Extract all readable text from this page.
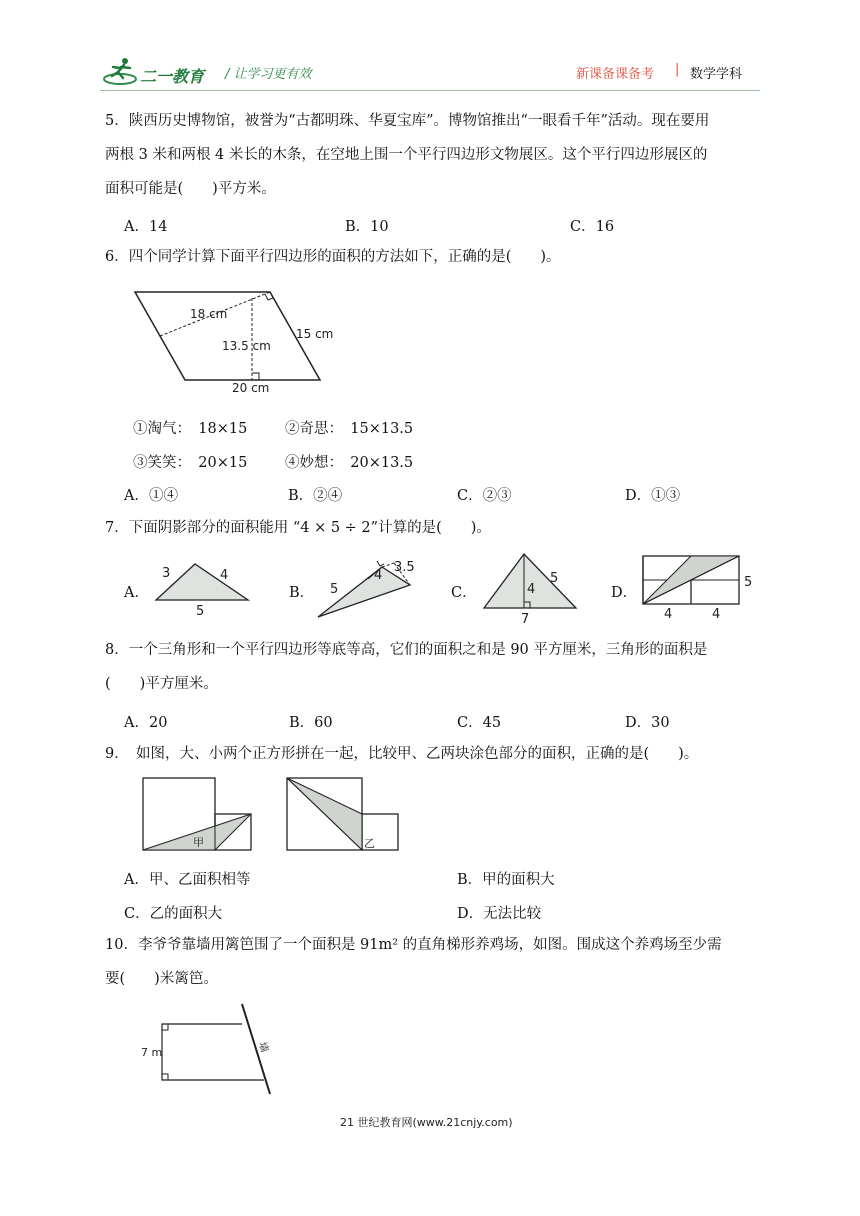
二一教育 / 让学习更有效	新课备课备考 | 数学学科
5．陕西历史博物馆，被誉为“古都明珠、华夏宝库”。博物馆推出“一眼看千年”活动。现在要用
两根 3 米和两根 4 米长的木条，在空地上围一个平行四边形文物展区。这个平行四边形展区的
面积可能是(　　)平方米。
A．14	B．10	C．16
6．四个同学计算下面平行四边形的面积的方法如下，正确的是(　　)。
18 cm
13.5 cm
15 cm
20 cm
①淘气：　18×15	②奇思：　15×13.5
③笑笑：　20×15	④妙想：　20×13.5
A．①④	B．②④	C．②③	D．①③
7．下面阴影部分的面积能用 “4 × 5 ÷ 2”计算的是(　　)。
A．
3	4
5
B．
4
3.5
5	C．	4
5
7
D．
5
4	4
8．一个三角形和一个平行四边形等底等高，它们的面积之和是 90 平方厘米，三角形的面积是
(　　)平方厘米。
A．20	B．60	C．45	D．30
9．　如图，大、小两个正方形拼在一起，比较甲、乙两块涂色部分的面积，正确的是(　　)。
甲	乙
A．甲、乙面积相等	B．甲的面积大
C．乙的面积大	D．无法比较
10．李爷爷靠墙用篱笆围了一个面积是 91m² 的直角梯形养鸡场，如图。围成这个养鸡场至少需
要(　　)米篱笆。
7 m	墙
21 世纪教育网(www.21cnjy.com)
